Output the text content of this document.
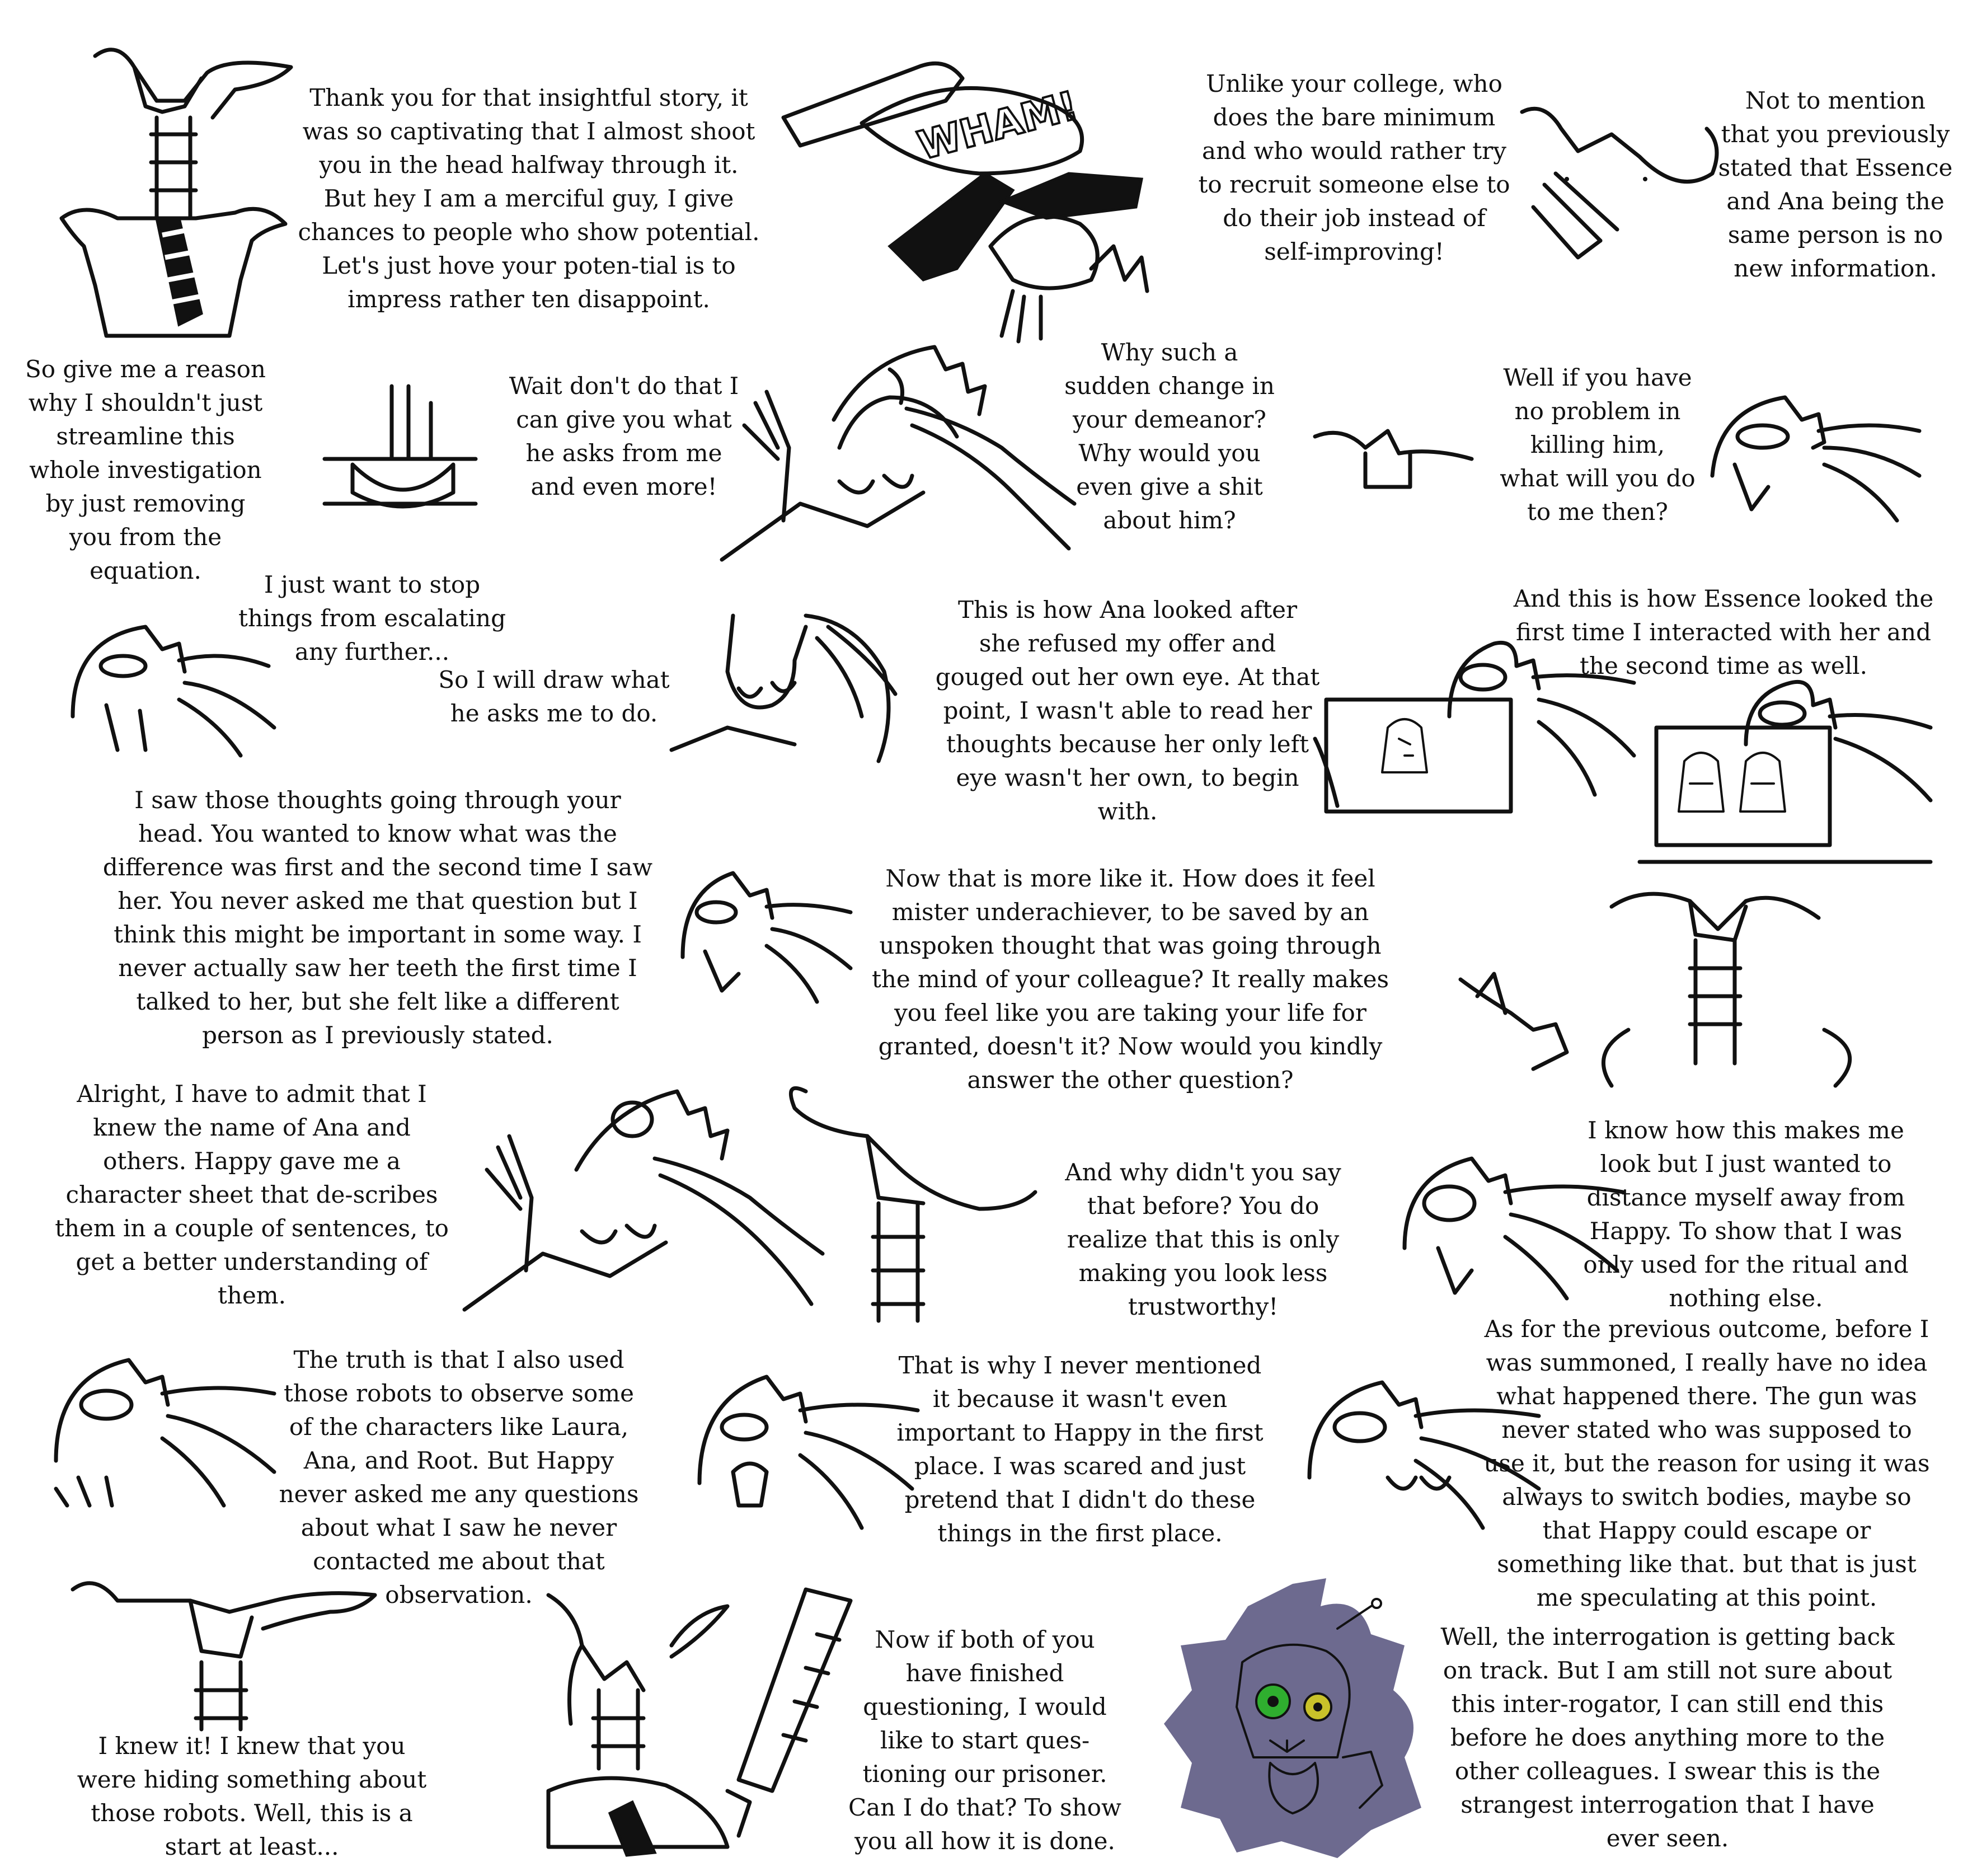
Thank you for that insightful story, it was so captivating that I almost shoot you in the head halfway through it. But hey I am a merciful guy, I give chances to people who show potential. Let's just hove your poten-tial is to impress rather ten disappoint.
WHAM!	Unlike your college, who does the bare minimum and who would rather try to recruit someone else to do their job instead of self-improving!
Not to mention that you previously stated that Essence and Ana being the same person is no new information.
So give me a reason why I shouldn't just streamline this whole investigation by just removing you from the equation.
Wait don't do that I can give you what he asks from me and even more!
Why such a sudden change in your demeanor? Why would you even give a shit about him?
Well if you have no problem in killing him, what will you do to me then?
I just want to stop things from escalating any further...
So I will draw what he asks me to do.
This is how Ana looked after she refused my offer and gouged out her own eye. At that point, I wasn't able to read her thoughts because her only left eye wasn't her own, to begin with.
And this is how Essence looked the first time I interacted with her and the second time as well.
I saw those thoughts going through your head. You wanted to know what was the difference was first and the second time I saw her. You never asked me that question but I think this might be important in some way. I never actually saw her teeth the first time I talked to her, but she felt like a different person as I previously stated.
Now that is more like it. How does it feel mister underachiever, to be saved by an unspoken thought that was going through the mind of your colleague? It really makes you feel like you are taking your life for granted, doesn't it? Now would you kindly answer the other question?
Alright, I have to admit that I knew the name of Ana and others. Happy gave me a character sheet that de-scribes them in a couple of sentences, to get a better understanding of them.
And why didn't you say that before? You do realize that this is only making you look less trustworthy!
I know how this makes me look but I just wanted to distance myself away from Happy. To show that I was only used for the ritual and nothing else.
The truth is that I also used those robots to observe some of the characters like Laura, Ana, and Root. But Happy never asked me any questions about what I saw he never contacted me about that observation.
That is why I never mentioned it because it wasn't even important to Happy in the first place. I was scared and just pretend that I didn't do these things in the first place.
As for the previous outcome, before I was summoned, I really have no idea what happened there. The gun was never stated who was supposed to use it, but the reason for using it was always to switch bodies, maybe so that Happy could escape or something like that. but that is just me speculating at this point.
I knew it! I knew that you were hiding something about those robots. Well, this is a start at least...
Now if both of you have finished questioning, I would like to start ques-tioning our prisoner. Can I do that? To show you all how it is done.
Well, the interrogation is getting back on track. But I am still not sure about this inter-rogator, I can still end this before he does anything more to the other colleagues. I swear this is the strangest interrogation that I have ever seen.
